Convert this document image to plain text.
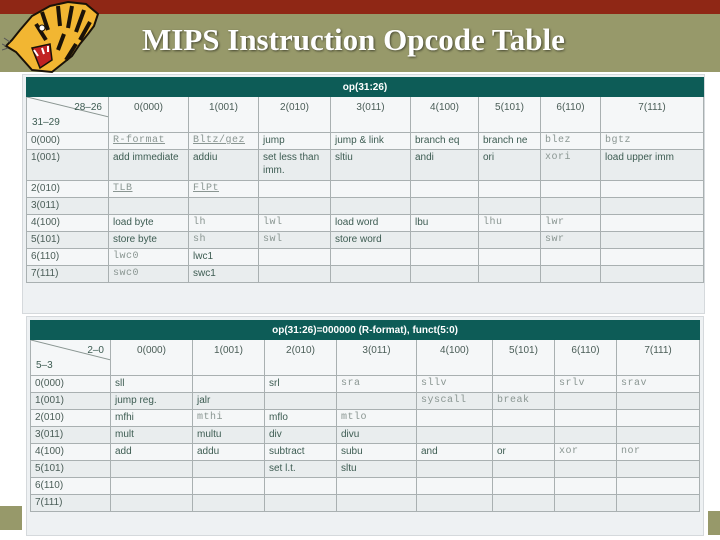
MIPS Instruction Opcode Table
op(31:26)								

28–26
31–29	0(000)	1(001)	2(010)	3(011)	4(100)	5(101)	6(110)	7(111)
0(000)	R-format	Bltz/gez	jump	jump & link	branch eq	branch ne	blez	bgtz
1(001)	add immediate	addiu	set less than imm.	sltiu	andi	ori	xori	load upper imm
2(010)	TLB	FlPt						
3(011)								
4(100)	load byte	lh	lwl	load word	lbu	lhu	lwr	
5(101)	store byte	sh	swl	store word			swr	
6(110)	lwc0	lwc1						
7(111)	swc0	swc1						
op(31:26)=000000 (R-format), funct(5:0)								

2–0
5–3	0(000)	1(001)	2(010)	3(011)	4(100)	5(101)	6(110)	7(111)
0(000)	sll		srl	sra	sllv		srlv	srav
1(001)	jump reg.	jalr			syscall	break		
2(010)	mfhi	mthi	mflo	mtlo				
3(011)	mult	multu	div	divu				
4(100)	add	addu	subtract	subu	and	or	xor	nor
5(101)			set l.t.	sltu				
6(110)								
7(111)								
